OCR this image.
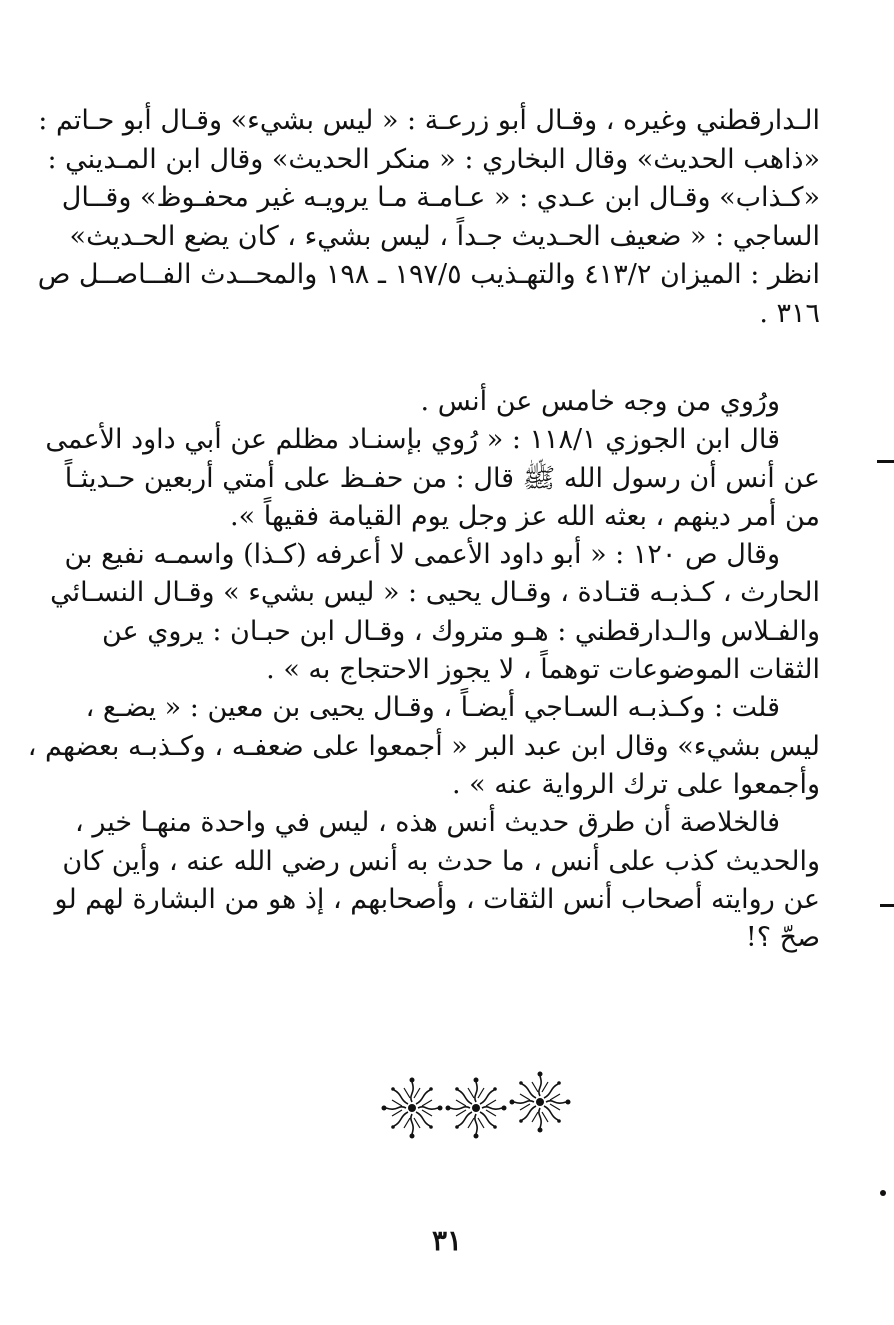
الـدارقطني وغيره ، وقـال أبو زرعـة : « ليس بشيء» وقـال أبو حـاتم :
«ذاهب الحديث» وقال البخاري : « منكر الحديث» وقال ابن المـديني :
«كـذاب» وقـال ابن عـدي : « عـامـة مـا يرويـه غير محفـوظ» وقــال
الساجي : « ضعيف الحـديث جـداً ، ليس بشيء ، كان يضع الحـديث»
انظر : الميزان ٤١٣/٢ والتهـذيب ١٩٧/٥ ـ ١٩٨ والمحــدث الفــاصــل ص
٣١٦ .
ورُوي من وجه خامس عن أنس .
قال ابن الجوزي ١١٨/١ : « رُوي بإسنـاد مظلم عن أبي داود الأعمى
عن أنس أن رسول الله ﷺ قال : من حفـظ على أمتي أربعين حـديثـاً
من أمر دينهم ، بعثه الله عز وجل يوم القيامة فقيهاً ».
وقال ص ١٢٠ : « أبو داود الأعمى لا أعرفه (كـذا) واسمـه نفيع بن
الحارث ، كـذبـه قتـادة ، وقـال يحيى : « ليس بشيء » وقـال النسـائي
والفـلاس والـدارقطني : هـو متروك ، وقـال ابن حبـان : يروي عن
الثقات الموضوعات توهماً ، لا يجوز الاحتجاج به » .
قلت : وكـذبـه السـاجي أيضـاً ، وقـال يحيى بن معين : « يضـع ،
ليس بشيء» وقال ابن عبد البر « أجمعوا على ضعفـه ، وكـذبـه بعضهم ،
وأجمعوا على ترك الرواية عنه » .
فالخلاصة أن طرق حديث أنس هذه ، ليس في واحدة منهـا خير ،
والحديث كذب على أنس ، ما حدث به أنس رضي الله عنه ، وأين كان
عن روايته أصحاب أنس الثقات ، وأصحابهم ، إذ هو من البشارة لهم لو
صحّ ؟!
٣١
